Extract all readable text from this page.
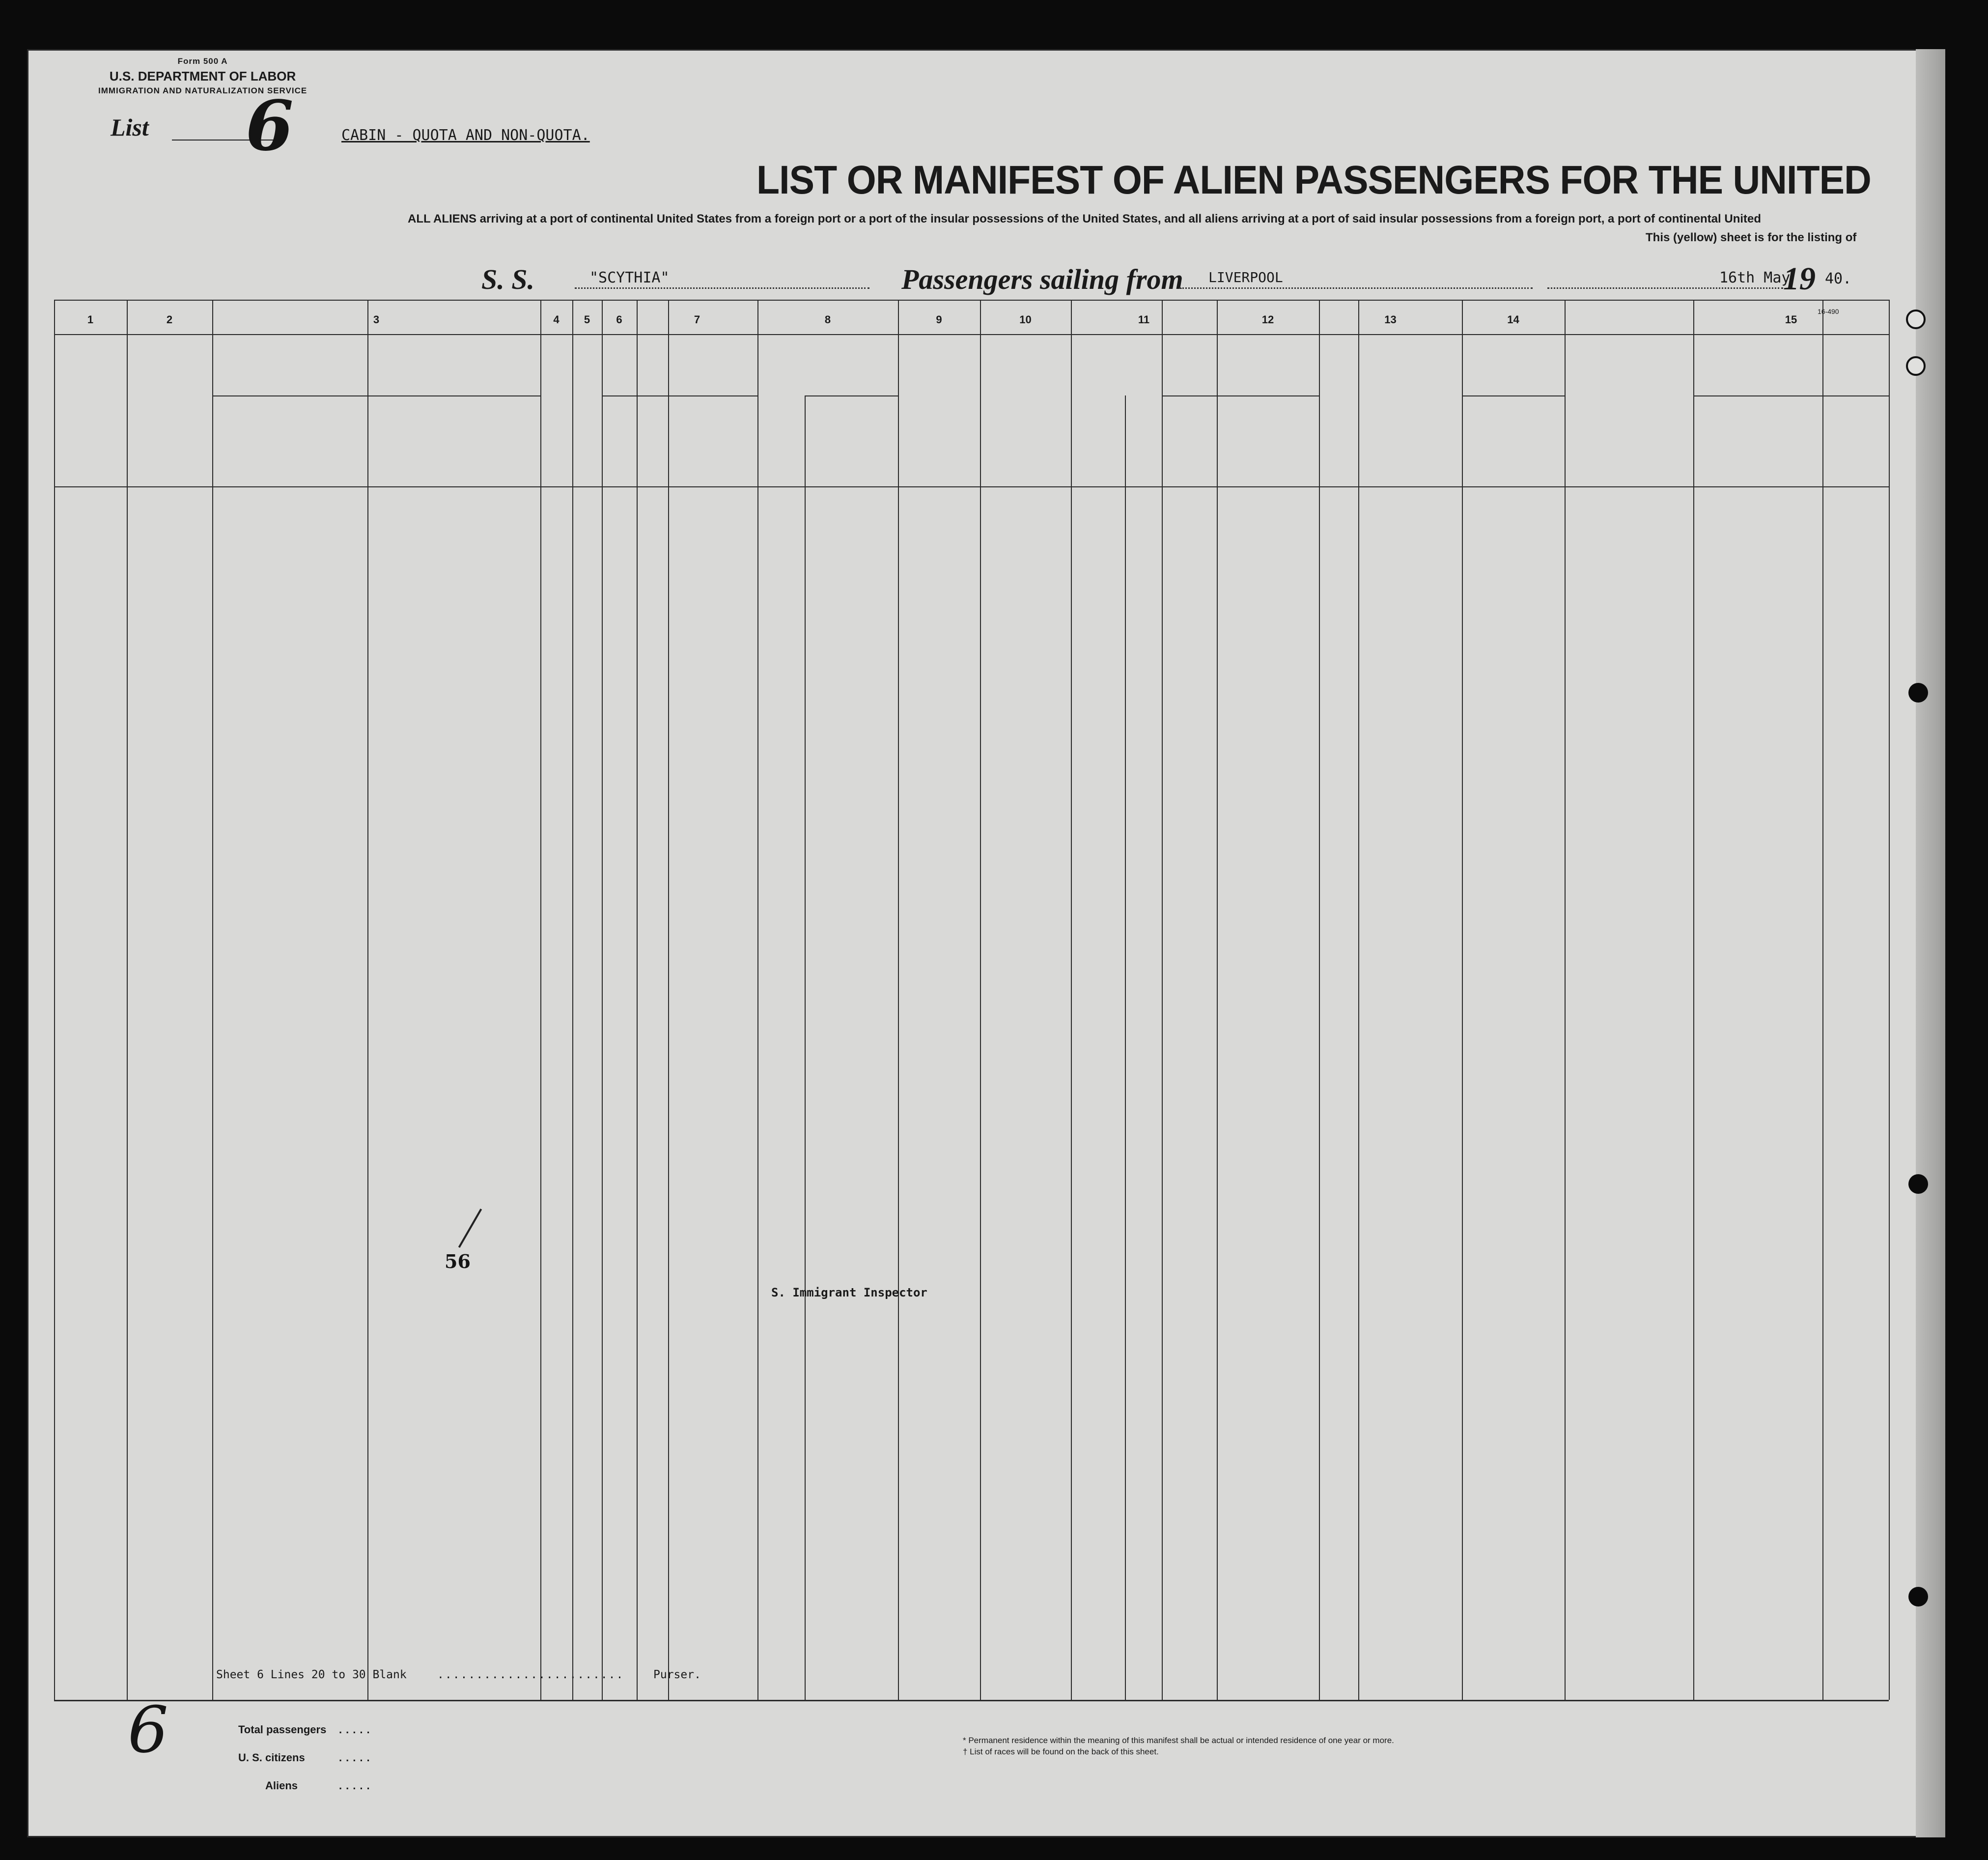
Form 500 A
U.S. DEPARTMENT OF LABOR
IMMIGRATION AND NATURALIZATION SERVICE
List 6	CABIN - QUOTA AND NON-QUOTA.
LIST OR MANIFEST OF ALIEN PASSENGERS FOR THE UNITED
ALL ALIENS arriving at a port of continental United States from a foreign port or a port of the insular possessions of the United States, and all aliens arriving at a port of said insular possessions from a foreign port, a port of continental United
This (yellow) sheet is for the listing of
S. S.	"SCYTHIA"	Passengers sailing from LIVERPOOL	16th May
19 40.
16-490
1	2	3	4	5	6	7	8	9	10	11	12	13	14	15
56
S. Immigrant Inspector
Sheet 6 Lines 20 to 30 Blank	........................	Purser.
6	Total passengers .....
U. S. citizens	.....
Aliens	.....
* Permanent residence within the meaning of this manifest shall be actual or intended residence of one year or more.
† List of races will be found on the back of this sheet.
